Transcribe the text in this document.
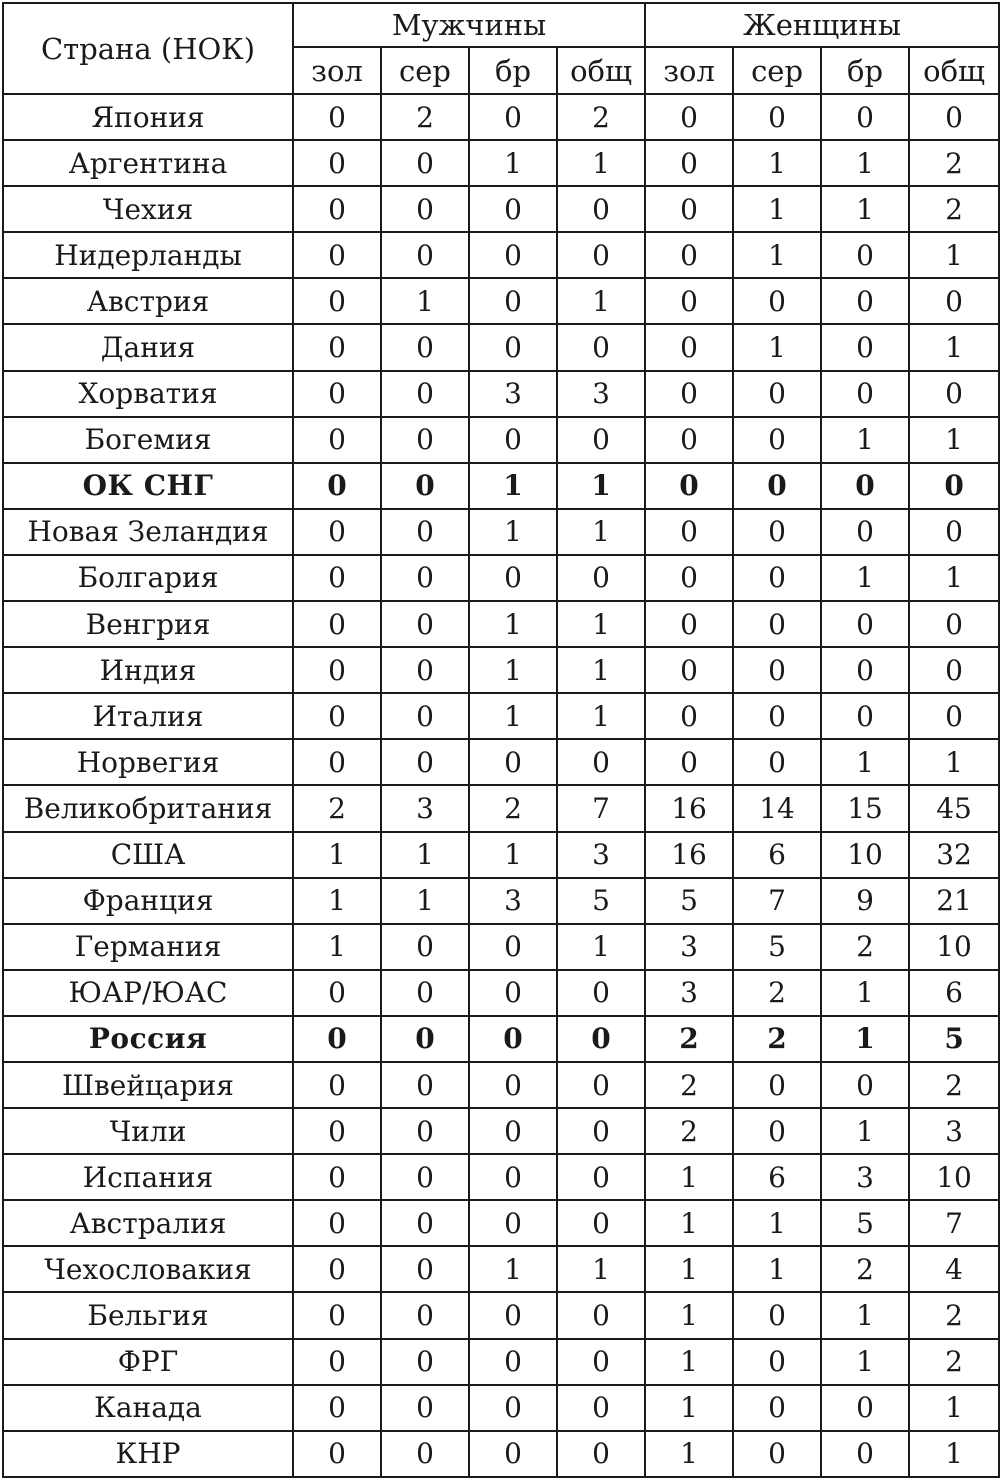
Страна (НОК)	Мужчины				Женщины			
	зол	сер	бр	общ	зол	сер	бр	общ
Япония	0	2	0	2	0	0	0	0
Аргентина	0	0	1	1	0	1	1	2
Чехия	0	0	0	0	0	1	1	2
Нидерланды	0	0	0	0	0	1	0	1
Австрия	0	1	0	1	0	0	0	0
Дания	0	0	0	0	0	1	0	1
Хорватия	0	0	3	3	0	0	0	0
Богемия	0	0	0	0	0	0	1	1
ОК СНГ	0	0	1	1	0	0	0	0
Новая Зеландия	0	0	1	1	0	0	0	0
Болгария	0	0	0	0	0	0	1	1
Венгрия	0	0	1	1	0	0	0	0
Индия	0	0	1	1	0	0	0	0
Италия	0	0	1	1	0	0	0	0
Норвегия	0	0	0	0	0	0	1	1
Великобритания	2	3	2	7	16	14	15	45
США	1	1	1	3	16	6	10	32
Франция	1	1	3	5	5	7	9	21
Германия	1	0	0	1	3	5	2	10
ЮАР/ЮАС	0	0	0	0	3	2	1	6
Россия	0	0	0	0	2	2	1	5
Швейцария	0	0	0	0	2	0	0	2
Чили	0	0	0	0	2	0	1	3
Испания	0	0	0	0	1	6	3	10
Австралия	0	0	0	0	1	1	5	7
Чехословакия	0	0	1	1	1	1	2	4
Бельгия	0	0	0	0	1	0	1	2
ФРГ	0	0	0	0	1	0	1	2
Канада	0	0	0	0	1	0	0	1
КНР	0	0	0	0	1	0	0	1
